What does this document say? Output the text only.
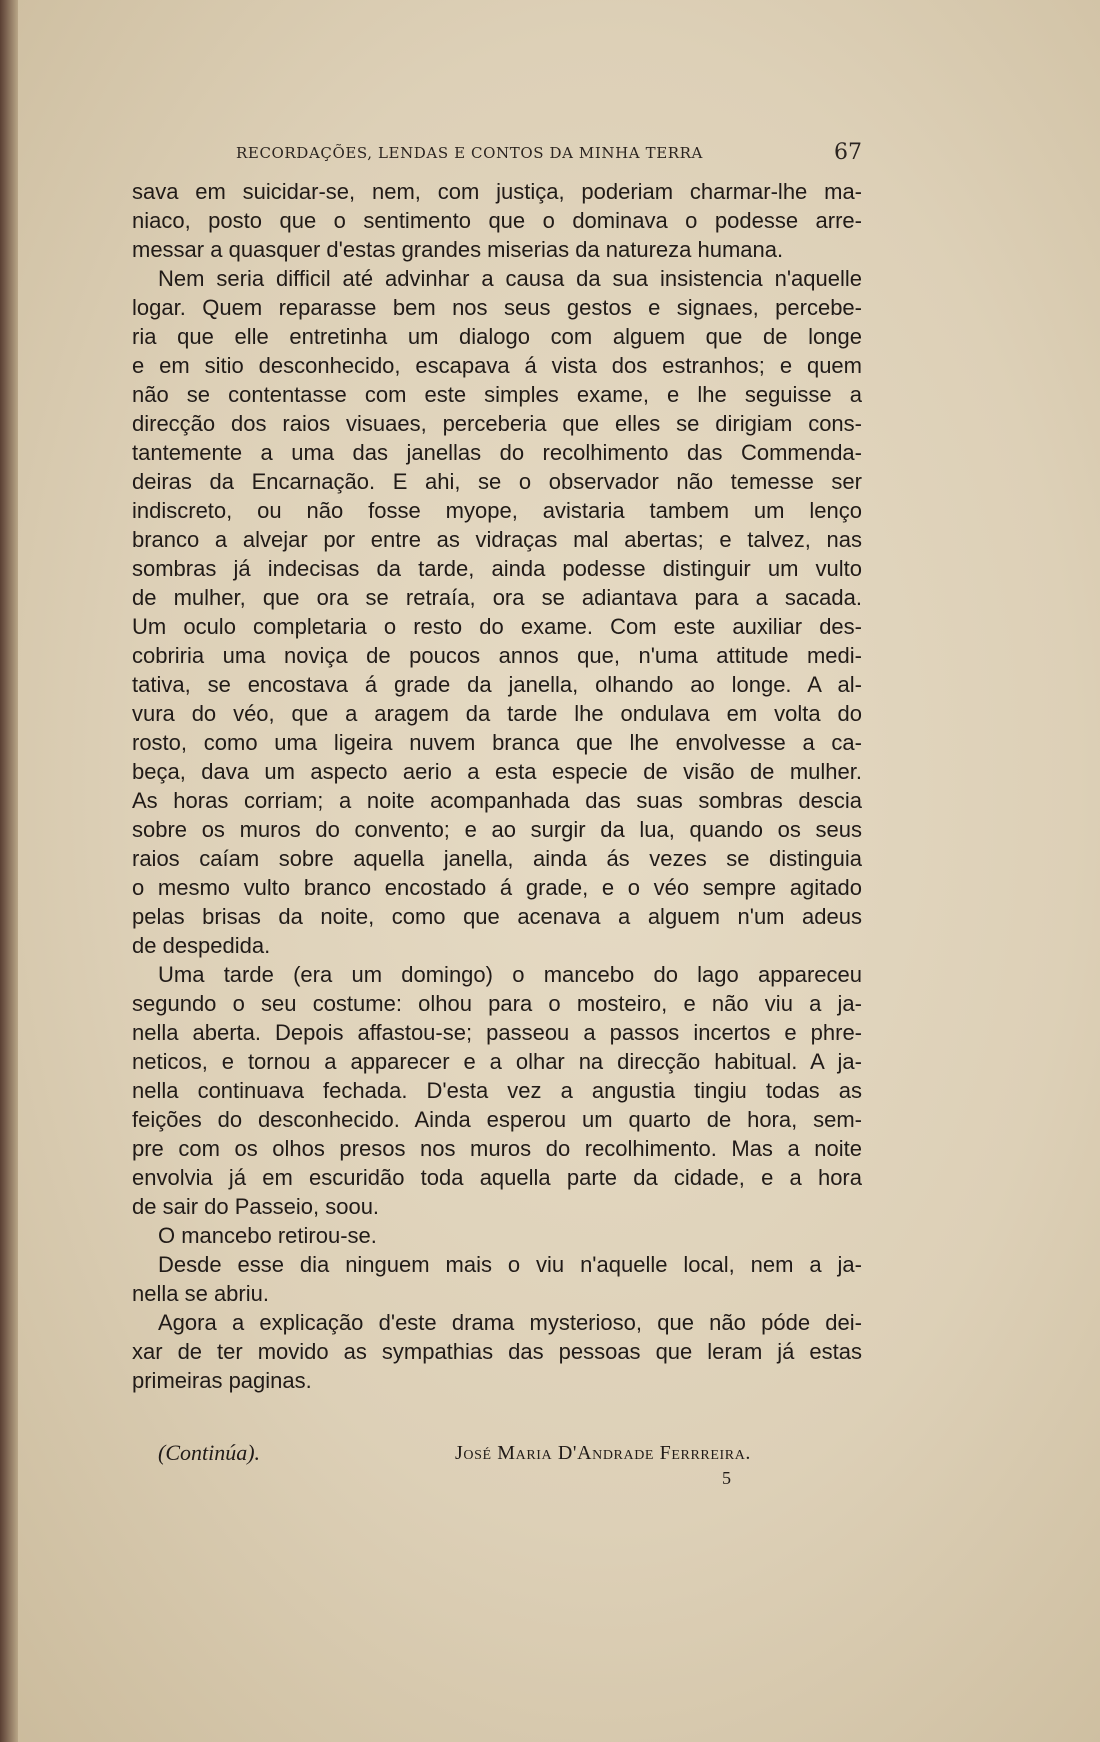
RECORDAÇÕES, LENDAS E CONTOS DA MINHA TERRA	67
sava em suicidar-se, nem, com justiça, poderiam charmar-lhe ma-
niaco, posto que o sentimento que o dominava o podesse arre-
messar a quasquer d'estas grandes miserias da natureza humana.
Nem seria difficil até advinhar a causa da sua insistencia n'aquelle
logar. Quem reparasse bem nos seus gestos e signaes, percebe-
ria que elle entretinha um dialogo com alguem que de longe
e em sitio desconhecido, escapava á vista dos estranhos; e quem
não se contentasse com este simples exame, e lhe seguisse a
direcção dos raios visuaes, perceberia que elles se dirigiam cons-
tantemente a uma das janellas do recolhimento das Commenda-
deiras da Encarnação. E ahi, se o observador não temesse ser
indiscreto, ou não fosse myope, avistaria tambem um lenço
branco a alvejar por entre as vidraças mal abertas; e talvez, nas
sombras já indecisas da tarde, ainda podesse distinguir um vulto
de mulher, que ora se retraía, ora se adiantava para a sacada.
Um oculo completaria o resto do exame. Com este auxiliar des-
cobriria uma noviça de poucos annos que, n'uma attitude medi-
tativa, se encostava á grade da janella, olhando ao longe. A al-
vura do véo, que a aragem da tarde lhe ondulava em volta do
rosto, como uma ligeira nuvem branca que lhe envolvesse a ca-
beça, dava um aspecto aerio a esta especie de visão de mulher.
As horas corriam; a noite acompanhada das suas sombras descia
sobre os muros do convento; e ao surgir da lua, quando os seus
raios caíam sobre aquella janella, ainda ás vezes se distinguia
o mesmo vulto branco encostado á grade, e o véo sempre agitado
pelas brisas da noite, como que acenava a alguem n'um adeus
de despedida.
Uma tarde (era um domingo) o mancebo do lago appareceu
segundo o seu costume: olhou para o mosteiro, e não viu a ja-
nella aberta. Depois affastou-se; passeou a passos incertos e phre-
neticos, e tornou a apparecer e a olhar na direcção habitual. A ja-
nella continuava fechada. D'esta vez a angustia tingiu todas as
feições do desconhecido. Ainda esperou um quarto de hora, sem-
pre com os olhos presos nos muros do recolhimento. Mas a noite
envolvia já em escuridão toda aquella parte da cidade, e a hora
de sair do Passeio, soou.
O mancebo retirou-se.
Desde esse dia ninguem mais o viu n'aquelle local, nem a ja-
nella se abriu.
Agora a explicação d'este drama mysterioso, que não póde dei-
xar de ter movido as sympathias das pessoas que leram já estas
primeiras paginas.
(Continúa).	José Maria D'Andrade Ferrreira.
5
